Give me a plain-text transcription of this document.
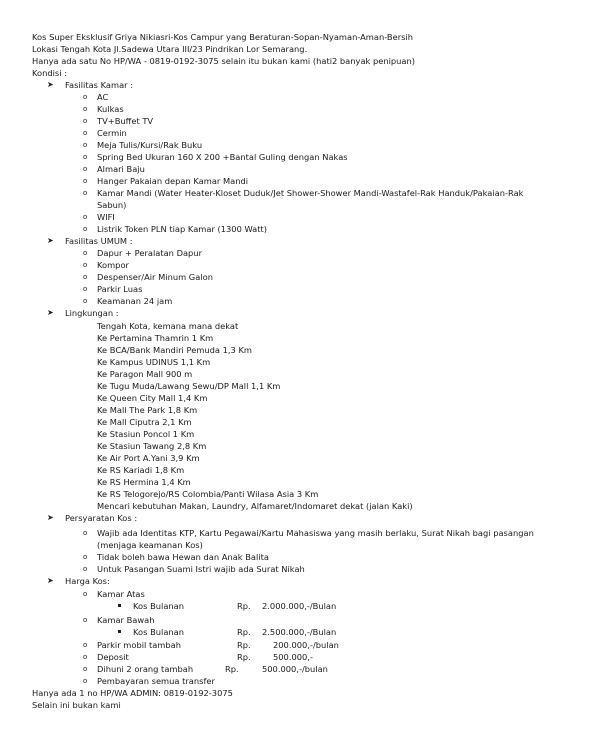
Kos Super Eksklusif Griya Nikiasri-Kos Campur yang Beraturan-Sopan-Nyaman-Aman-Bersih
Lokasi Tengah Kota Jl.Sadewa Utara III/23 Pindrikan Lor Semarang.
Hanya ada satu No HP/WA - 0819-0192-3075 selain itu bukan kami (hati2 banyak penipuan)
Kondisi :
➤ Fasilitas Kamar :
o AC
o Kulkas
o TV+Buffet TV
o Cermin
o Meja Tulis/Kursi/Rak Buku
o Spring Bed Ukuran 160 X 200 +Bantal Guling dengan Nakas
o Almari Baju
o Hanger Pakaian depan Kamar Mandi
o Kamar Mandi (Water Heater-Kloset Duduk/Jet Shower-Shower Mandi-Wastafel-Rak Handuk/Pakaian-Rak
Sabun)
o WIFI
o Listrik Token PLN tiap Kamar (1300 Watt)
➤ Fasilitas UMUM :
o Dapur + Peralatan Dapur
o Kompor
o Despenser/Air Minum Galon
o Parkir Luas
o Keamanan 24 jam
➤ Lingkungan :
Tengah Kota, kemana mana dekat
Ke Pertamina Thamrin 1 Km
Ke BCA/Bank Mandiri Pemuda 1,3 Km
Ke Kampus UDINUS 1,1 Km
Ke Paragon Mall 900 m
Ke Tugu Muda/Lawang Sewu/DP Mall 1,1 Km
Ke Queen City Mall 1,4 Km
Ke Mall The Park 1,8 Km
Ke Mall Ciputra 2,1 Km
Ke Stasiun Poncol 1 Km
Ke Stasiun Tawang 2,8 Km
Ke Air Port A.Yani 3,9 Km
Ke RS Kariadi 1,8 Km
Ke RS Hermina 1,4 Km
Ke RS Telogorejo/RS Colombia/Panti Wilasa Asia 3 Km
Mencari kebutuhan Makan, Laundry, Alfamaret/Indomaret dekat (jalan Kaki)
➤ Persyaratan Kos :
o Wajib ada Identitas KTP, Kartu Pegawai/Kartu Mahasiswa yang masih berlaku, Surat Nikah bagi pasangan
(menjaga keamanan Kos)
o Tidak boleh bawa Hewan dan Anak Balita
o Untuk Pasangan Suami Istri wajib ada Surat Nikah
➤ Harga Kos:
o Kamar Atas
Kos Bulanan	Rp. 2.000.000,-/Bulan
o Kamar Bawah
Kos Bulanan	Rp. 2.500.000,-/Bulan
o Parkir mobil tambah	Rp.	200.000,-/bulan
o Deposit	Rp.	500.000,-
o Dihuni 2 orang tambah	Rp.	500.000,-/bulan
o Pembayaran semua transfer
Hanya ada 1 no HP/WA ADMIN: 0819-0192-3075
Selain ini bukan kami
